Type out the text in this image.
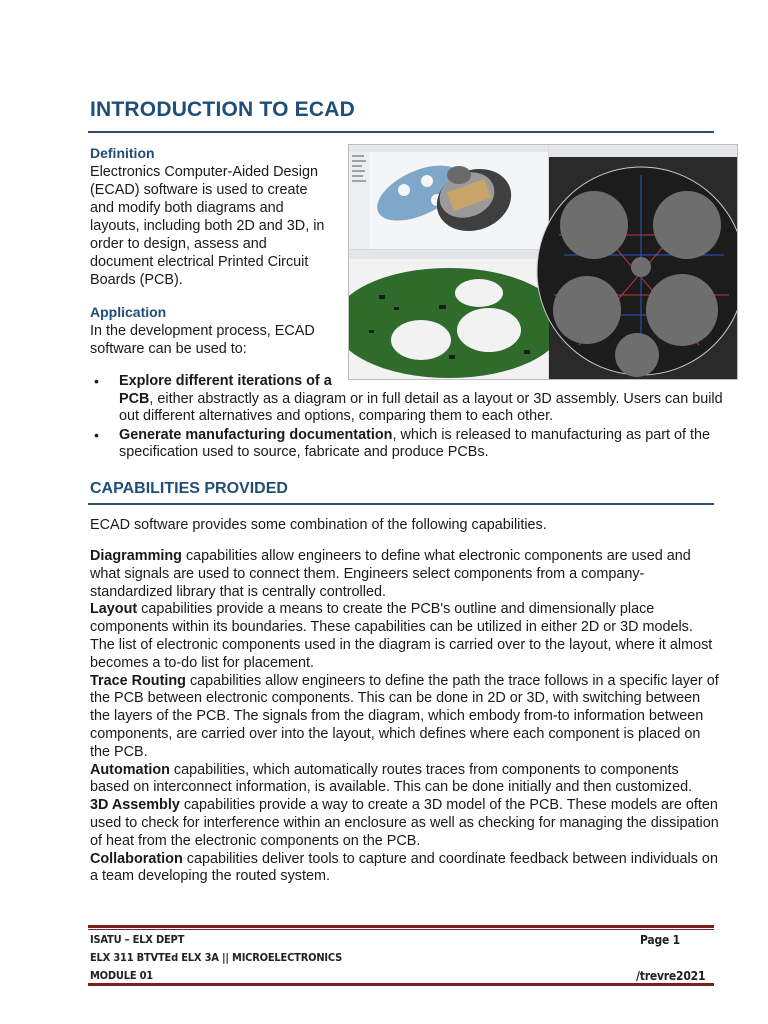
INTRODUCTION TO ECAD

Definition

Electronics Computer-Aided Design
(ECAD) software is used to create
and modify both diagrams and
layouts, including both 2D and 3D, in
order to design, assess and
document electrical Printed Circuit
Boards (PCB).

Application

In the development process, ECAD
software can be used to:
• Explore different iterations of a
PCB, either abstractly as a diagram or in full detail as a layout or 3D assembly. Users can build out different alternatives and options, comparing them to each other.
• Generate manufacturing documentation, which is released to manufacturing as part of the specification used to source, fabricate and produce PCBs.
CAPABILITIES PROVIDED

ECAD software provides some combination of the following capabilities.

Diagramming capabilities allow engineers to define what electronic components are used and what signals are used to connect them. Engineers select components from a company-standardized library that is centrally controlled.

Layout capabilities provide a means to create the PCB's outline and dimensionally place components within its boundaries. These capabilities can be utilized in either 2D or 3D models. The list of electronic components used in the diagram is carried over to the layout, where it almost becomes a to-do list for placement.

Trace Routing capabilities allow engineers to define the path the trace follows in a specific layer of the PCB between electronic components. This can be done in 2D or 3D, with switching between the layers of the PCB. The signals from the diagram, which embody from-to information between components, are carried over into the layout, which defines where each component is placed on the PCB.

Automation capabilities, which automatically routes traces from components to components based on interconnect information, is available. This can be done initially and then customized.

3D Assembly capabilities provide a way to create a 3D model of the PCB. These models are often used to check for interference within an enclosure as well as checking for managing the dissipation of heat from the electronic components on the PCB.

Collaboration capabilities deliver tools to capture and coordinate feedback between individuals on a team developing the routed system.

ISATU – ELX DEPT

ELX 311 BTVTEd ELX 3A || MICROELECTRONICS

MODULE 01

Page 1

/trevre2021
